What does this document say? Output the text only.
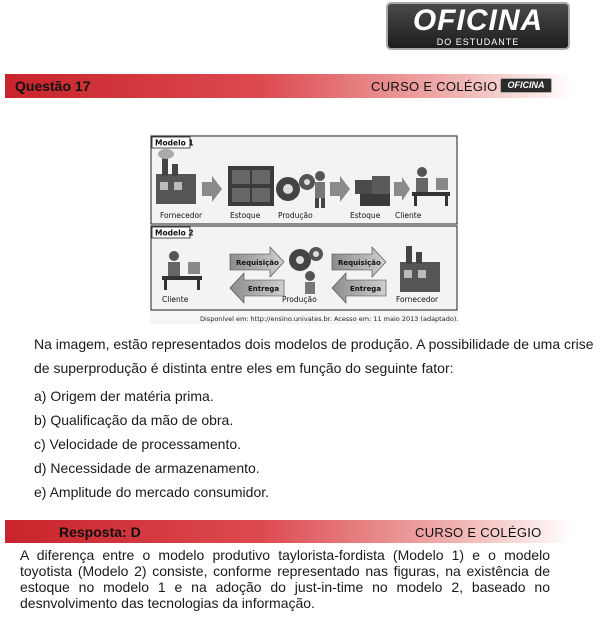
OFICINA
DO ESTUDANTE
Questão 17	CURSO E COLÉGIO	OFICINA
Modelo 1
Fornecedor	Estoque Produção	Estoque Cliente
Modelo 2
Requisição
Entrega
Requisição
Entrega
Cliente	Produção	Fornecedor
Disponível em: http://ensino.univates.br. Acesso em: 11 maio 2013 (adaptado).

Na imagem, estão representados dois modelos de produção. A possibilidade de uma crise de superprodução é distinta entre eles em função do seguinte fator:

a) Origem der matéria prima.
b) Qualificação da mão de obra.
c) Velocidade de processamento.
d) Necessidade de armazenamento.
e) Amplitude do mercado consumidor.
Resposta: D	CURSO E COLÉGIO
A diferença entre o modelo produtivo taylorista-fordista (Modelo 1) e o modelo toyotista (Modelo 2) consiste, conforme representado nas figuras, na existência de estoque no modelo 1 e na adoção do just-in-time no modelo 2, baseado no desnvolvimento das tecnologias da informação.
